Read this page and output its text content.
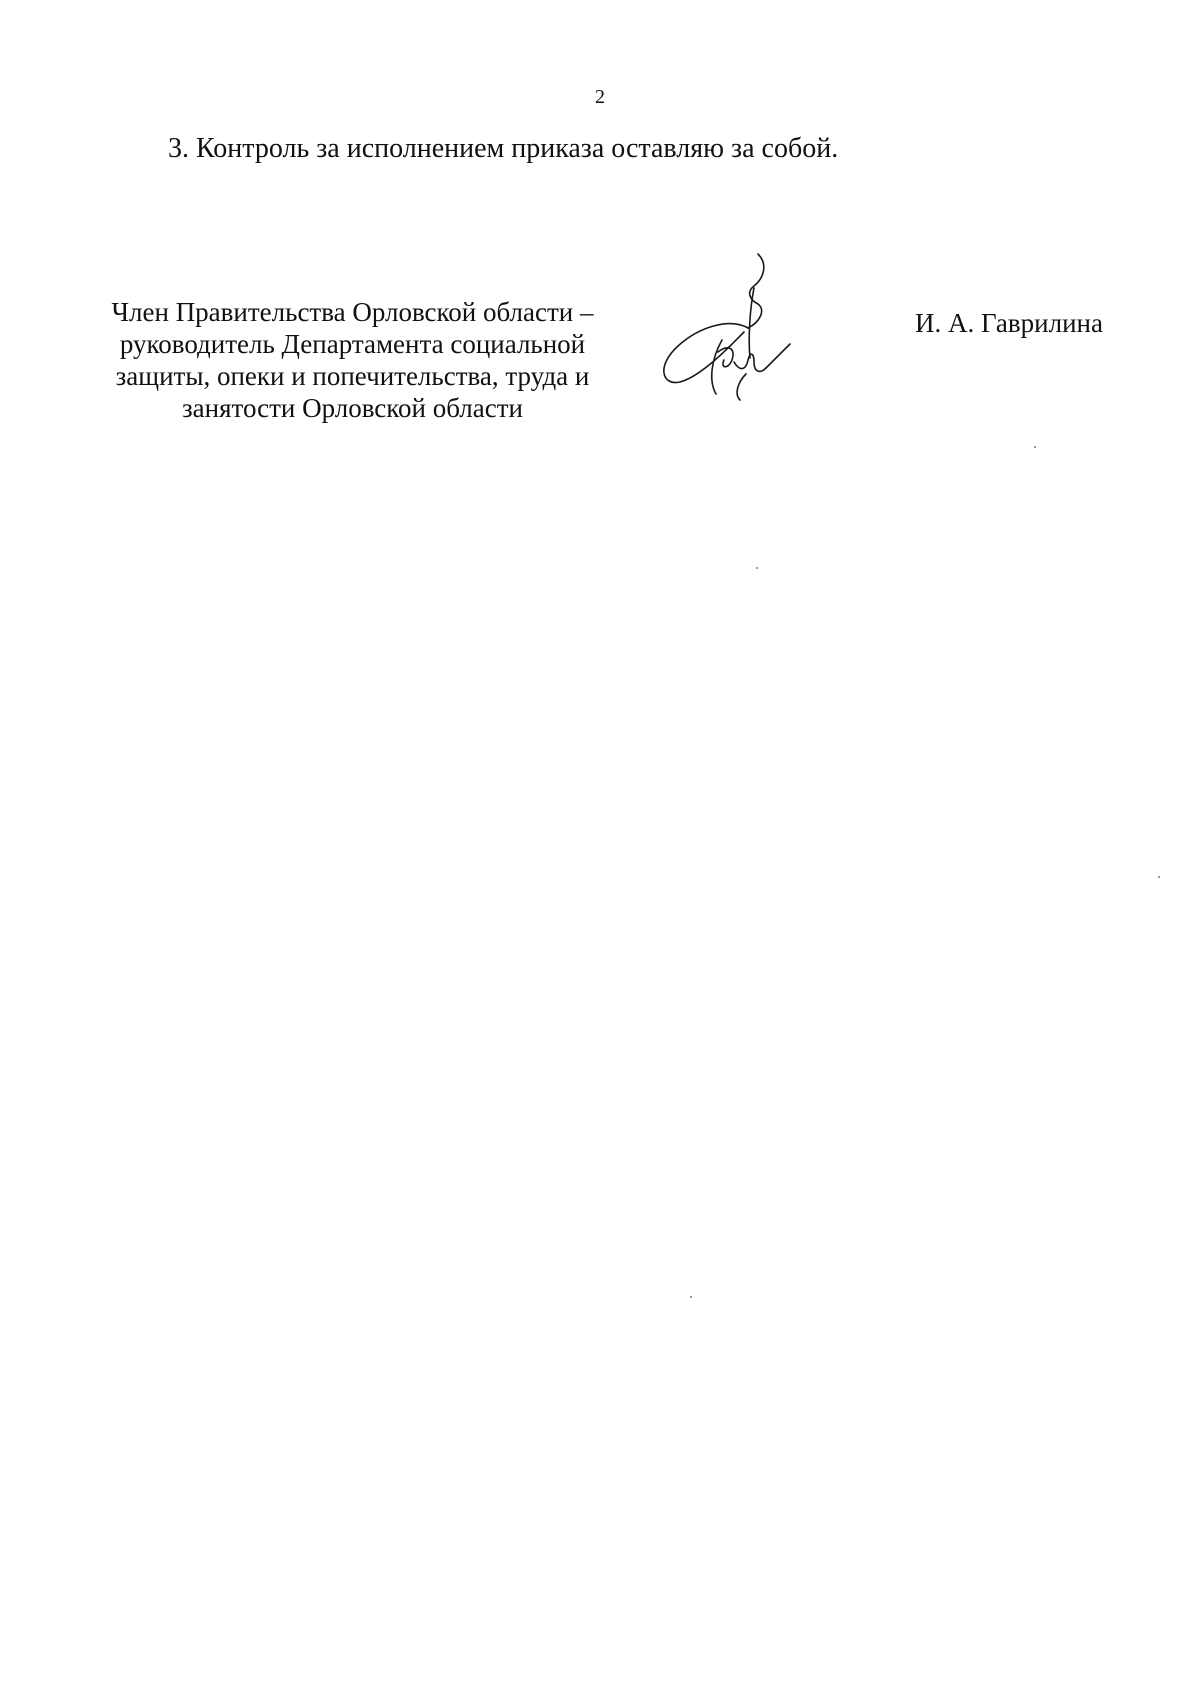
2
3. Контроль за исполнением приказа оставляю за собой.
Член Правительства Орловской области –
руководитель Департамента социальной
защиты, опеки и попечительства, труда и
занятости Орловской области
И. А. Гаврилина
